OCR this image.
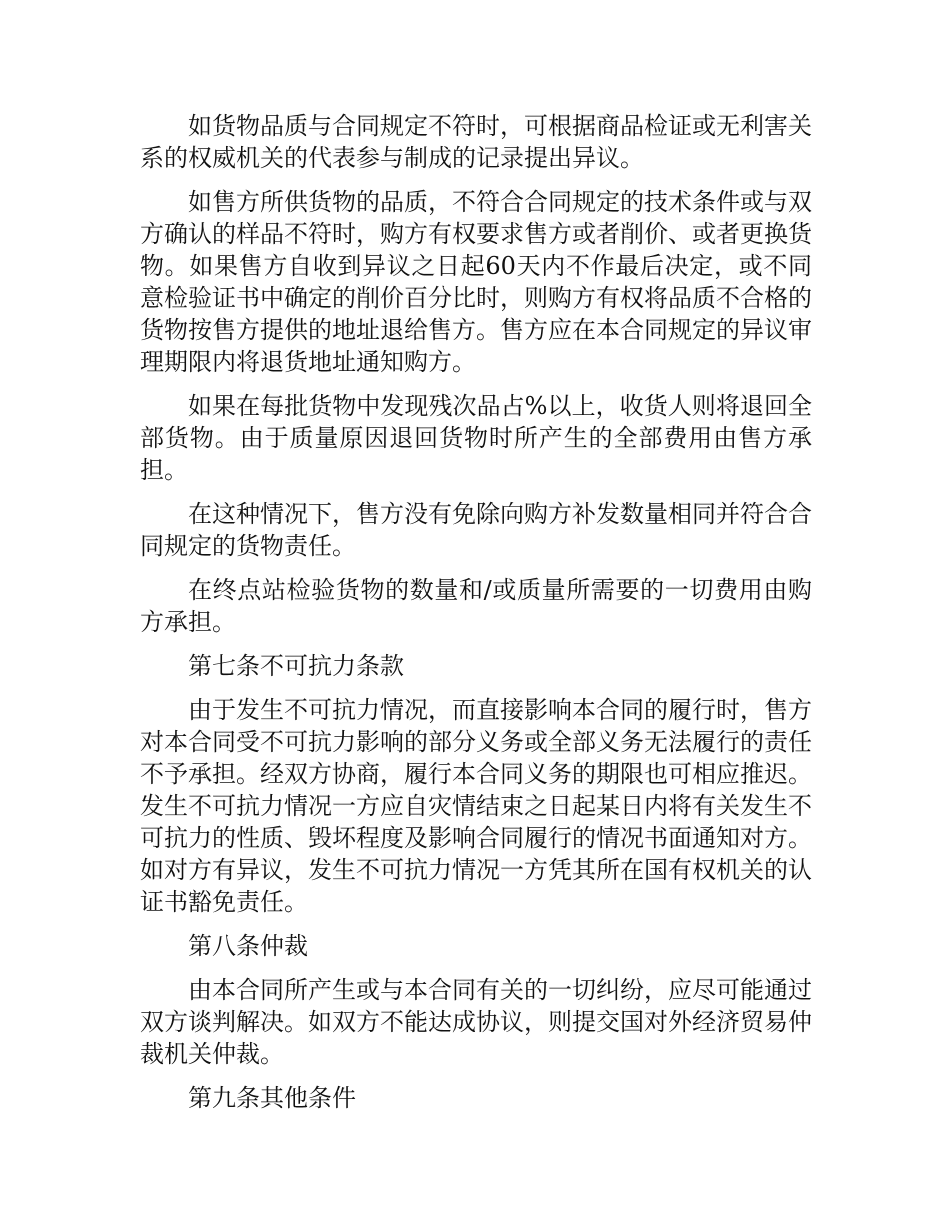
如货物品质与合同规定不符时，可根据商品检证或无利害关系的权威机关的代表参与制成的记录提出异议。

如售方所供货物的品质，不符合合同规定的技术条件或与双方确认的样品不符时，购方有权要求售方或者削价、或者更换货物。如果售方自收到异议之日起60天内不作最后决定，或不同意检验证书中确定的削价百分比时，则购方有权将品质不合格的货物按售方提供的地址退给售方。售方应在本合同规定的异议审理期限内将退货地址通知购方。

如果在每批货物中发现残次品占%以上，收货人则将退回全部货物。由于质量原因退回货物时所产生的全部费用由售方承担。

在这种情况下，售方没有免除向购方补发数量相同并符合合同规定的货物责任。

在终点站检验货物的数量和/或质量所需要的一切费用由购方承担。

第七条不可抗力条款

由于发生不可抗力情况，而直接影响本合同的履行时，售方对本合同受不可抗力影响的部分义务或全部义务无法履行的责任不予承担。经双方协商，履行本合同义务的期限也可相应推迟。发生不可抗力情况一方应自灾情结束之日起某日内将有关发生不可抗力的性质、毁坏程度及影响合同履行的情况书面通知对方。如对方有异议，发生不可抗力情况一方凭其所在国有权机关的认证书豁免责任。

第八条仲裁

由本合同所产生或与本合同有关的一切纠纷，应尽可能通过双方谈判解决。如双方不能达成协议，则提交国对外经济贸易仲裁机关仲裁。

第九条其他条件
